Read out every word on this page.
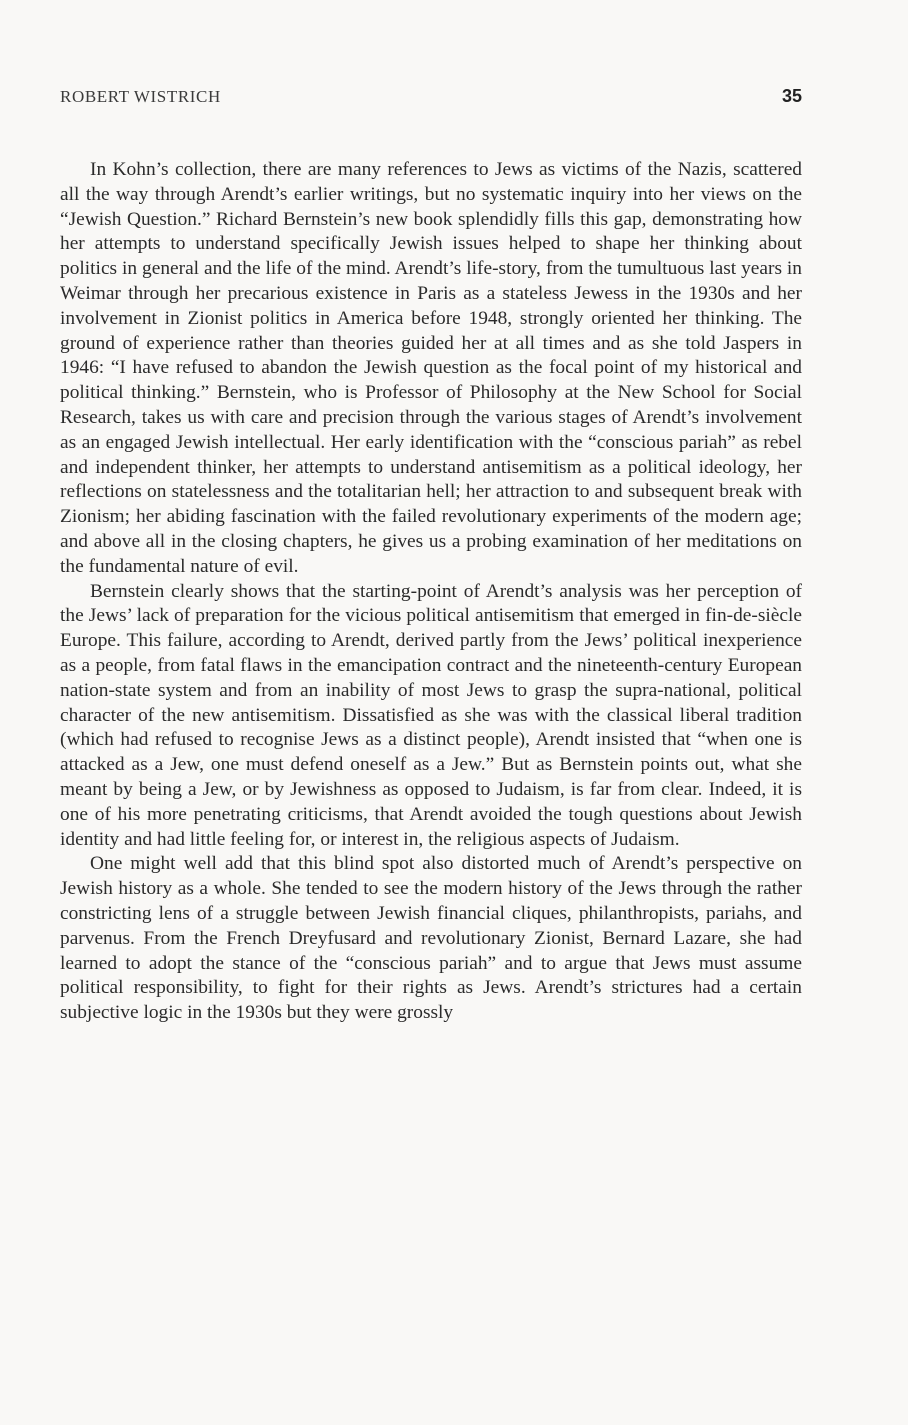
ROBERT WISTRICH	35

In Kohn’s collection, there are many references to Jews as victims of the Nazis, scattered all the way through Arendt’s earlier writings, but no systematic inquiry into her views on the “Jewish Question.” Richard Bernstein’s new book splendidly fills this gap, demonstrating how her attempts to understand specifically Jewish issues helped to shape her thinking about politics in general and the life of the mind. Arendt’s life-story, from the tumultuous last years in Weimar through her precarious existence in Paris as a stateless Jewess in the 1930s and her involvement in Zionist politics in America before 1948, strongly oriented her thinking. The ground of experience rather than theories guided her at all times and as she told Jaspers in 1946: “I have refused to abandon the Jewish question as the focal point of my historical and political thinking.” Bernstein, who is Professor of Philosophy at the New School for Social Research, takes us with care and precision through the various stages of Arendt’s involvement as an engaged Jewish intellectual. Her early identification with the “conscious pariah” as rebel and independent thinker, her attempts to understand antisemitism as a political ideology, her reflections on statelessness and the totalitarian hell; her attraction to and subsequent break with Zionism; her abiding fascination with the failed revolutionary experiments of the modern age; and above all in the closing chapters, he gives us a probing examination of her meditations on the fundamental nature of evil.

Bernstein clearly shows that the starting-point of Arendt’s analysis was her perception of the Jews’ lack of preparation for the vicious political antisemitism that emerged in fin-de-siècle Europe. This failure, according to Arendt, derived partly from the Jews’ political inexperience as a people, from fatal flaws in the emancipation contract and the nineteenth-century European nation-state system and from an inability of most Jews to grasp the supra-national, political character of the new antisemitism. Dissatisfied as she was with the classical liberal tradition (which had refused to recognise Jews as a distinct people), Arendt insisted that “when one is attacked as a Jew, one must defend oneself as a Jew.” But as Bernstein points out, what she meant by being a Jew, or by Jewishness as opposed to Judaism, is far from clear. Indeed, it is one of his more penetrating criticisms, that Arendt avoided the tough questions about Jewish identity and had little feeling for, or interest in, the religious aspects of Judaism.

One might well add that this blind spot also distorted much of Arendt’s perspective on Jewish history as a whole. She tended to see the modern history of the Jews through the rather constricting lens of a struggle between Jewish financial cliques, philanthropists, pariahs, and parvenus. From the French Dreyfusard and revolutionary Zionist, Bernard Lazare, she had learned to adopt the stance of the “conscious pariah” and to argue that Jews must assume political responsibility, to fight for their rights as Jews. Arendt’s strictures had a certain subjective logic in the 1930s but they were grossly
